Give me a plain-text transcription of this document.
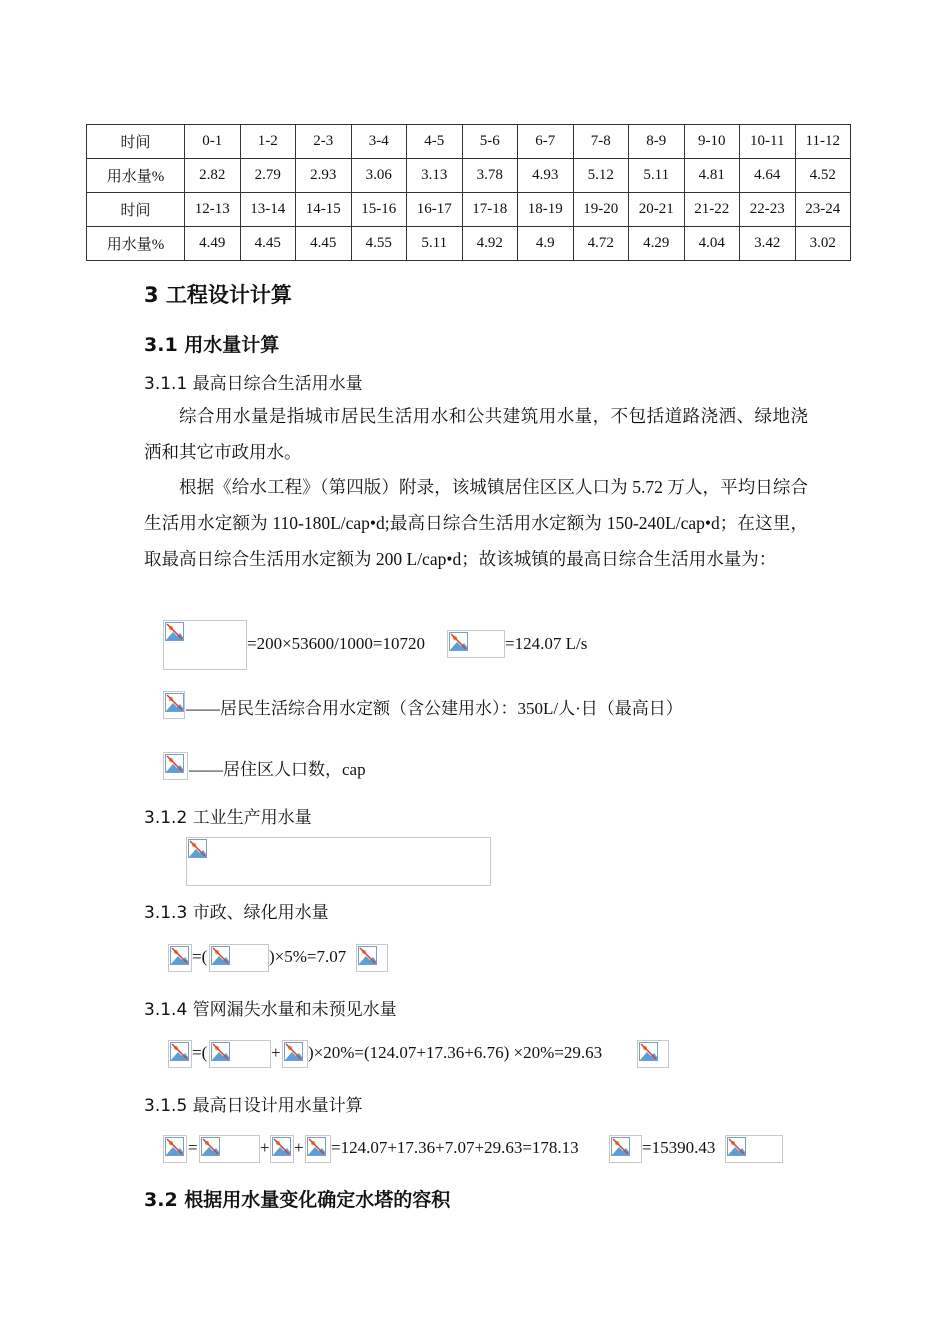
时间	0-1	1-2	2-3	3-4	4-5	5-6	6-7	7-8	8-9	9-10	10-11	11-12
用水量%	2.82	2.79	2.93	3.06	3.13	3.78	4.93	5.12	5.11	4.81	4.64	4.52
时间	12-13	13-14	14-15	15-16	16-17	17-18	18-19	19-20	20-21	21-22	22-23	23-24
用水量%	4.49	4.45	4.45	4.55	5.11	4.92	4.9	4.72	4.29	4.04	3.42	3.02
3 工程设计计算
3.1 用水量计算
3.1.1 最高日综合生活用水量
综合用水量是指城市居民生活用水和公共建筑用水量，不包括道路浇洒、绿地浇洒和其它市政用水。
根据《给水工程》（第四版）附录，该城镇居住区区人口为 5.72 万人，平均日综合生活用水定额为 110-180L/cap•d;最高日综合生活用水定额为 150-240L/cap•d；在这里，取最高日综合生活用水定额为 200 L/cap•d；故该城镇的最高日综合生活用水量为：
=200×53600/1000=10720	=124.07 L/s
——居民生活综合用水定额（含公建用水）：350L/人·日（最高日）
——居住区人口数，cap
3.1.2 工业生产用水量
3.1.3 市政、绿化用水量
=(	)×5%=7.07
3.1.4 管网漏失水量和未预见水量
=(	+ )×20%=(124.07+17.36+6.76) ×20%=29.63
3.1.5 最高日设计用水量计算
=	+ + =124.07+17.36+7.07+29.63=178.13	=15390.43
3.2 根据用水量变化确定水塔的容积
